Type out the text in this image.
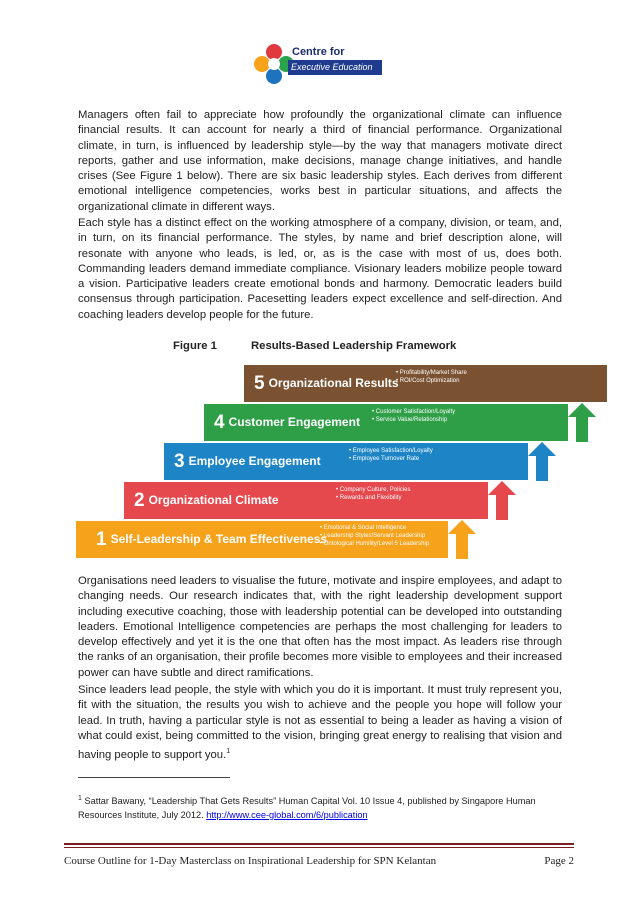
Centre for
Executive Education

Managers often fail to appreciate how profoundly the organizational climate can influence financial results. It can account for nearly a third of financial performance. Organizational climate, in turn, is influenced by leadership style—by the way that managers motivate direct reports, gather and use information, make decisions, manage change initiatives, and handle crises (See Figure 1 below). There are six basic leadership styles. Each derives from different emotional intelligence competencies, works best in particular situations, and affects the organizational climate in different ways.

Each style has a distinct effect on the working atmosphere of a company, division, or team, and, in turn, on its financial performance. The styles, by name and brief description alone, will resonate with anyone who leads, is led, or, as is the case with most of us, does both. Commanding leaders demand immediate compliance. Visionary leaders mobilize people toward a vision. Participative leaders create emotional bonds and harmony. Democratic leaders build consensus through participation. Pacesetting leaders expect excellence and self-direction. And coaching leaders develop people for the future.

Figure 1	Results-Based Leadership Framework
5 Organizational Results
• Profitability/Market Share
• ROI/Cost Optimization
4 Customer Engagement
• Customer Satisfaction/Loyalty
• Service Value/Relationship
3 Employee Engagement
• Employee Satisfaction/Loyalty
• Employee Turnover Rate
2 Organizational Climate
• Company Culture, Policies
• Rewards and Flexibility
1 Self-Leadership & Team Effectiveness
• Emotional & Social Intelligence
• Leadership Styles/Servant Leadership
• Ontological Humility/Level 5 Leadership

Organisations need leaders to visualise the future, motivate and inspire employees, and adapt to changing needs. Our research indicates that, with the right leadership development support including executive coaching, those with leadership potential can be developed into outstanding leaders. Emotional Intelligence competencies are perhaps the most challenging for leaders to develop effectively and yet it is the one that often has the most impact. As leaders rise through the ranks of an organisation, their profile becomes more visible to employees and their increased power can have subtle and direct ramifications.

Since leaders lead people, the style with which you do it is important. It must truly represent you, fit with the situation, the results you wish to achieve and the people you hope will follow your lead. In truth, having a particular style is not as essential to being a leader as having a vision of what could exist, being committed to the vision, bringing great energy to realising that vision and having people to support you.$^1$

$^1$ Sattar Bawany, “Leadership That Gets Results” Human Capital Vol. 10 Issue 4, published by Singapore Human Resources Institute, July 2012. http://www.cee-global.com/6/publication
Course Outline for 1-Day Masterclass on Inspirational Leadership for SPN Kelantan	Page 2
